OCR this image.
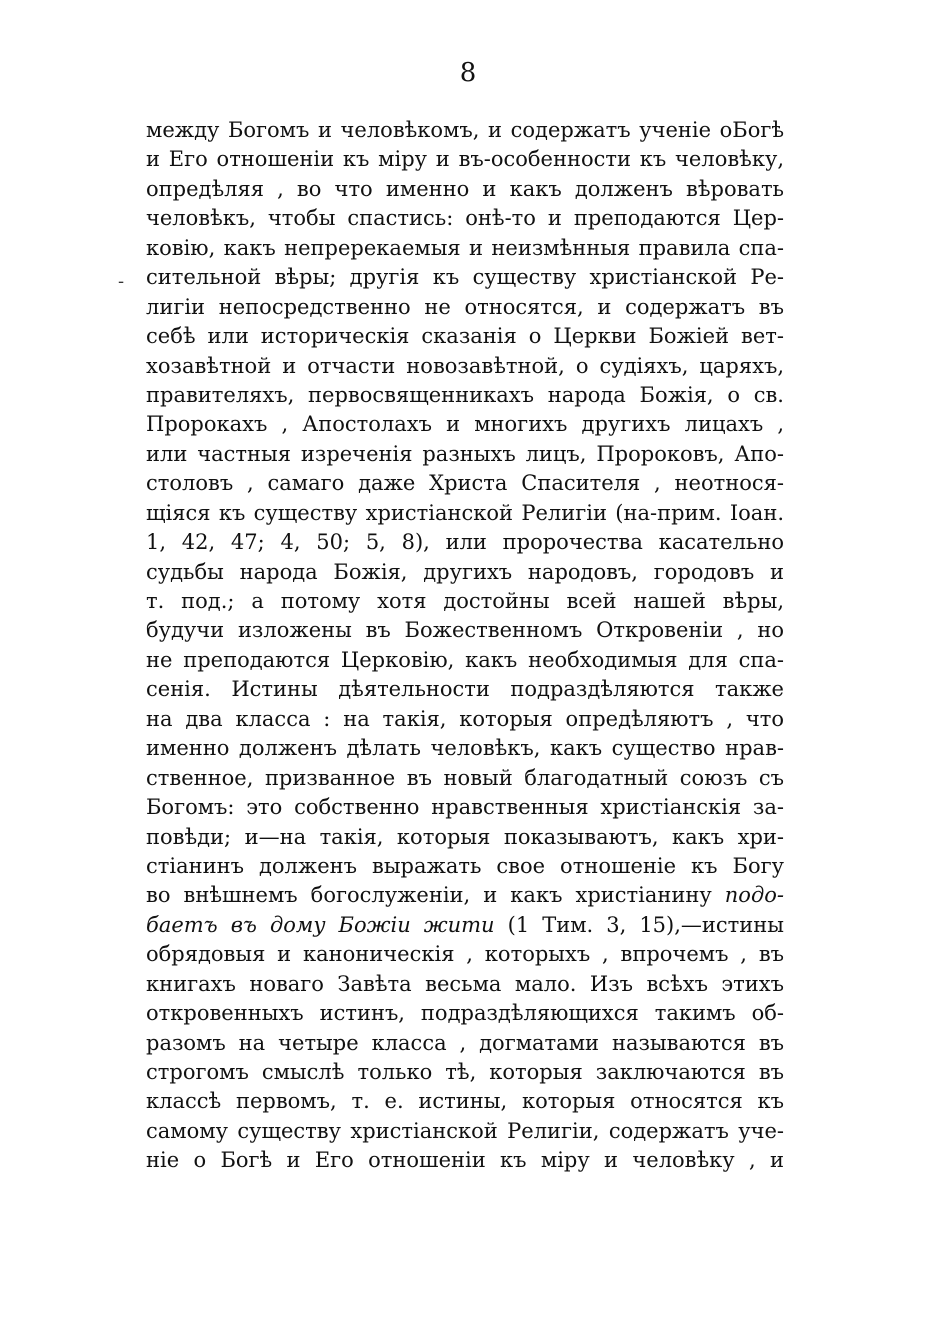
8
-
между Богомъ и человѣкомъ, и содержатъ ученіе оБогѣ
и Его отношеніи къ міру и въ-особенности къ человѣку,
опредѣляя , во что именно и какъ долженъ вѣровать
человѣкъ, чтобы спастись: онѣ-то и преподаются Цер-
ковію, какъ непререкаемыя и неизмѣнныя правила спа-
сительной вѣры; другія къ существу христіанской Ре-
лигіи непосредственно не относятся, и содержатъ въ
себѣ или историческія сказанія о Церкви Божіей вет-
хозавѣтной и отчасти новозавѣтной, о судіяхъ, царяхъ,
правителяхъ, первосвященникахъ народа Божія, о св.
Пророкахъ , Апостолахъ и многихъ другихъ лицахъ ,
или частныя изреченія разныхъ лицъ, Пророковъ, Апо-
столовъ , самаго даже Христа Спасителя , неотнося-
щіяся къ существу христіанской Религіи (на-прим. Іоан.
1, 42, 47; 4, 50; 5, 8), или пророчества касательно
судьбы народа Божія, другихъ народовъ, городовъ и
т. под.; а потому хотя достойны всей нашей вѣры,
будучи изложены въ Божественномъ Откровеніи , но
не преподаются Церковію, какъ необходимыя для спа-
сенія. Истины дѣятельности подраздѣляются также
на два класса : на такія, которыя опредѣляютъ , что
именно долженъ дѣлать человѣкъ, какъ существо нрав-
ственное, призванное въ новый благодатный союзъ съ
Богомъ: это собственно нравственныя христіанскія за-
повѣди; и—на такія, которыя показываютъ, какъ хри-
стіанинъ долженъ выражать свое отношеніе къ Богу
во внѣшнемъ богослуженіи, и какъ христіанину подо-
баетъ въ дому Божіи жити (1 Тим. 3, 15),—истины
обрядовыя и каноническія , которыхъ , впрочемъ , въ
книгахъ новаго Завѣта весьма мало. Изъ всѣхъ этихъ
откровенныхъ истинъ, подраздѣляющихся такимъ об-
разомъ на четыре класса , догматами называются въ
строгомъ смыслѣ только тѣ, которыя заключаются въ
классѣ первомъ, т. е. истины, которыя относятся къ
самому существу христіанской Религіи, содержатъ уче-
ніе о Богѣ и Его отношеніи къ міру и человѣку , и
